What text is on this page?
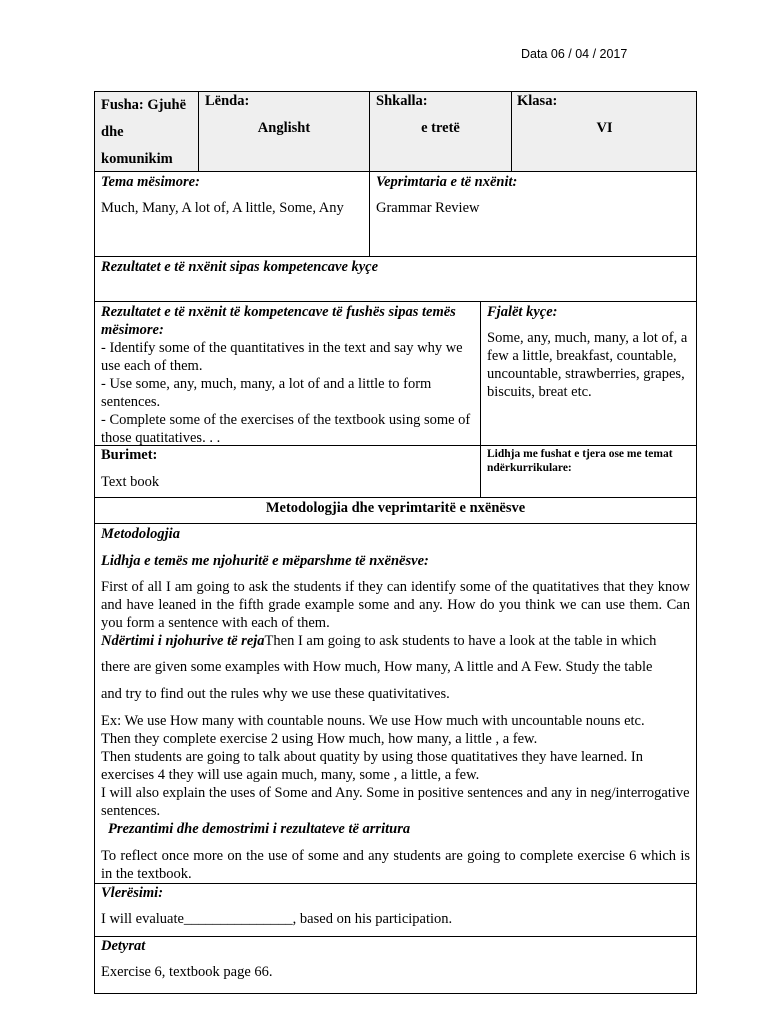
Data 06 / 04 / 2017
Fusha: Gjuhë
dhe
komunikim
Lënda:
Anglisht
Shkalla:
e tretë
Klasa:
VI
Tema mësimore:
Much, Many, A lot of, A little, Some, Any
Veprimtaria e të nxënit:
Grammar Review
Rezultatet e të nxënit sipas kompetencave kyçe
Rezultatet e të nxënit të kompetencave të fushës sipas temës mësimore:
- Identify some of the quantitatives in the text and say why we use each of them.
- Use some, any, much, many, a lot of and a little to form sentences.
- Complete some of the exercises of the textbook using some of those quatitatives. . .
Fjalët kyçe:
Some, any, much, many, a lot of, a few a little, breakfast, countable, uncountable, strawberries, grapes, biscuits, breat etc.
Burimet:
Text book
Lidhja me fushat e tjera ose me temat ndërkurrikulare:
Metodologjia dhe veprimtaritë e nxënësve
Metodologjia
Lidhja e temës me njohuritë e mëparshme të nxënësve:

First of all I am going to ask the students if they can identify some of the quatitatives that they know and have leaned in the fifth grade example some and any. How do you think we can use them. Can you form a sentence with each of them.

Ndërtimi i njohurive të rejaThen I am going to ask students to have a look at the table in which
there are given some examples with How much, How many, A little and A Few. Study the table
and try to find out the rules why we use these quativitatives.
Ex: We use How many with countable nouns. We use How much with uncountable nouns etc.
Then they complete exercise 2 using How much, how many, a little , a few.
Then students are going to talk about quatity by using those quatitatives they have learned. In exercises 4 they will use again much, many, some , a little, a few.
I will also explain the uses of Some and Any. Some in positive sentences and any in neg/interrogative sentences.
Prezantimi dhe demostrimi i rezultateve të arritura

To reflect once more on the use of some and any students are going to complete exercise 6 which is in the textbook.

Vlerësimi:
I will evaluate_______________, based on his participation.
Detyrat
Exercise 6, textbook page 66.
